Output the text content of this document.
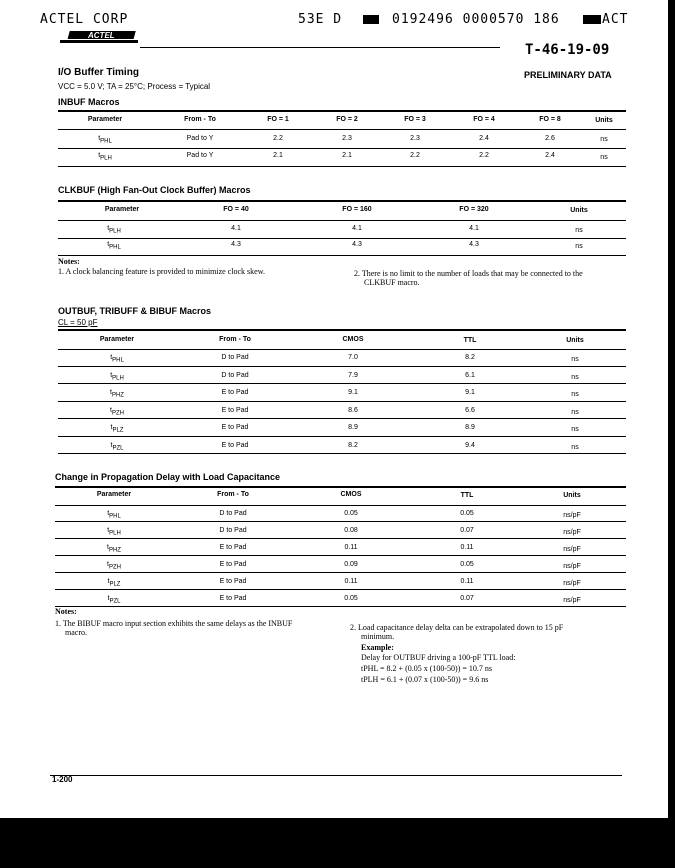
ACTEL CORP	53E D	0192496 0000570 186	ACT
ACTEL
T-46-19-09
I/O Buffer Timing
VCC = 5.0 V; TA = 25°C; Process = Typical
PRELIMINARY DATA
INBUF Macros
Parameter	From - To	FO = 1	FO = 2	FO = 3	FO = 4	FO = 8	Units
$t_{PHL}$	Pad to Y	2.2	2.3	2.3	2.4	2.6	ns
$t_{PLH}$	Pad to Y	2.1	2.1	2.2	2.2	2.4	ns
CLKBUF (High Fan-Out Clock Buffer) Macros
Parameter	FO = 40	FO = 160	FO = 320	Units
$t_{PLH}$	4.1	4.1	4.1	ns
$t_{PHL}$	4.3	4.3	4.3	ns
Notes:
1. A clock balancing feature is provided to minimize clock skew.	2. There is no limit to the number of loads that may be connected to the
CLKBUF macro.
OUTBUF, TRIBUFF & BIBUF Macros
CL = 50 pF
Parameter	From - To	CMOS	TTL	Units
$t_{PHL}$	D to Pad	7.0	8.2	ns
$t_{PLH}$	D to Pad	7.9	6.1	ns
$t_{PHZ}$	E to Pad	9.1	9.1	ns
$t_{PZH}$	E to Pad	8.6	6.6	ns
$t_{PLZ}$	E to Pad	8.9	8.9	ns
$t_{PZL}$	E to Pad	8.2	9.4	ns
Change in Propagation Delay with Load Capacitance
Parameter	From - To	CMOS	TTL	Units
$t_{PHL}$	D to Pad	0.05	0.05	ns/pF
$t_{PLH}$	D to Pad	0.08	0.07	ns/pF
$t_{PHZ}$	E to Pad	0.11	0.11	ns/pF
$t_{PZH}$	E to Pad	0.09	0.05	ns/pF
$t_{PLZ}$	E to Pad	0.11	0.11	ns/pF
$t_{PZL}$	E to Pad	0.05	0.07	ns/pF
Notes:
1. The BIBUF macro input section exhibits the same delays as the INBUF
macro.
2. Load capacitance delay delta can be extrapolated down to 15 pF
minimum.
Example:
Delay for OUTBUF driving a 100-pF TTL load:
tPHL = 8.2 + (0.05 x (100-50)) = 10.7 ns
tPLH = 6.1 + (0.07 x (100-50)) = 9.6 ns
1-200
